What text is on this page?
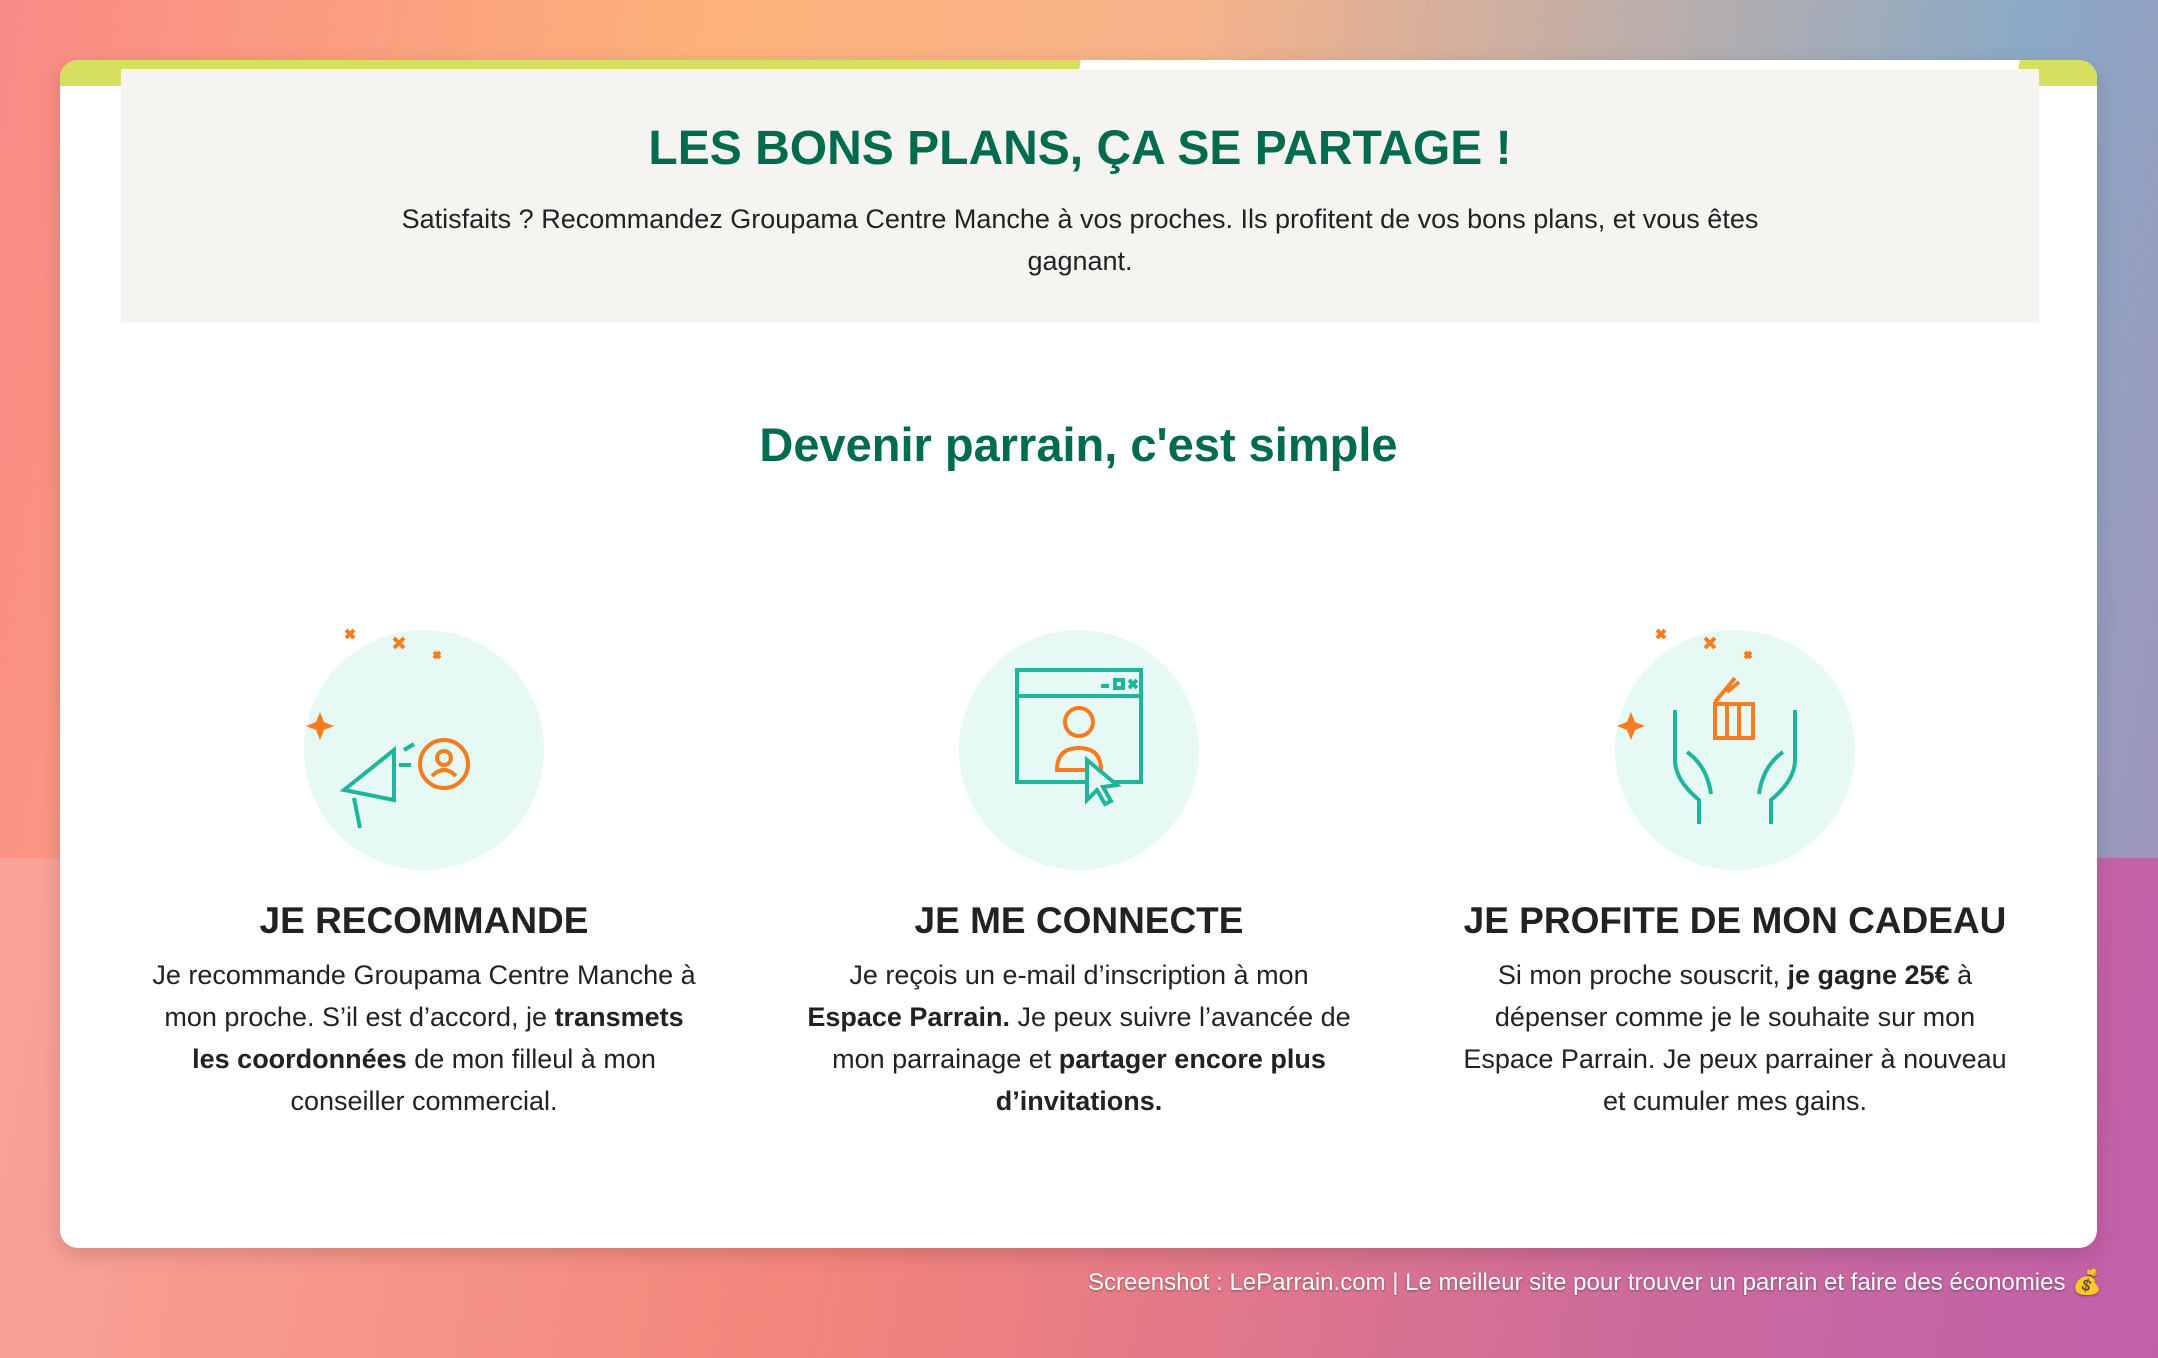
LES BONS PLANS, ÇA SE PARTAGE !

Satisfaits ? Recommandez Groupama Centre Manche à vos proches. Ils profitent de vos bons plans, et vous êtes gagnant.

Devenir parrain, c'est simple
JE RECOMMANDE

Je recommande Groupama Centre Manche à mon proche. S’il est d’accord, je transmets les coordonnées de mon filleul à mon conseiller commercial.

JE ME CONNECTE

Je reçois un e-mail d’inscription à mon Espace Parrain. Je peux suivre l’avancée de mon parrainage et partager encore plus d’invitations.

JE PROFITE DE MON CADEAU

Si mon proche souscrit, je gagne 25€ à dépenser comme je le souhaite sur mon Espace Parrain. Je peux parrainer à nouveau et cumuler mes gains.

Screenshot : LeParrain.com | Le meilleur site pour trouver un parrain et faire des économies 💰
